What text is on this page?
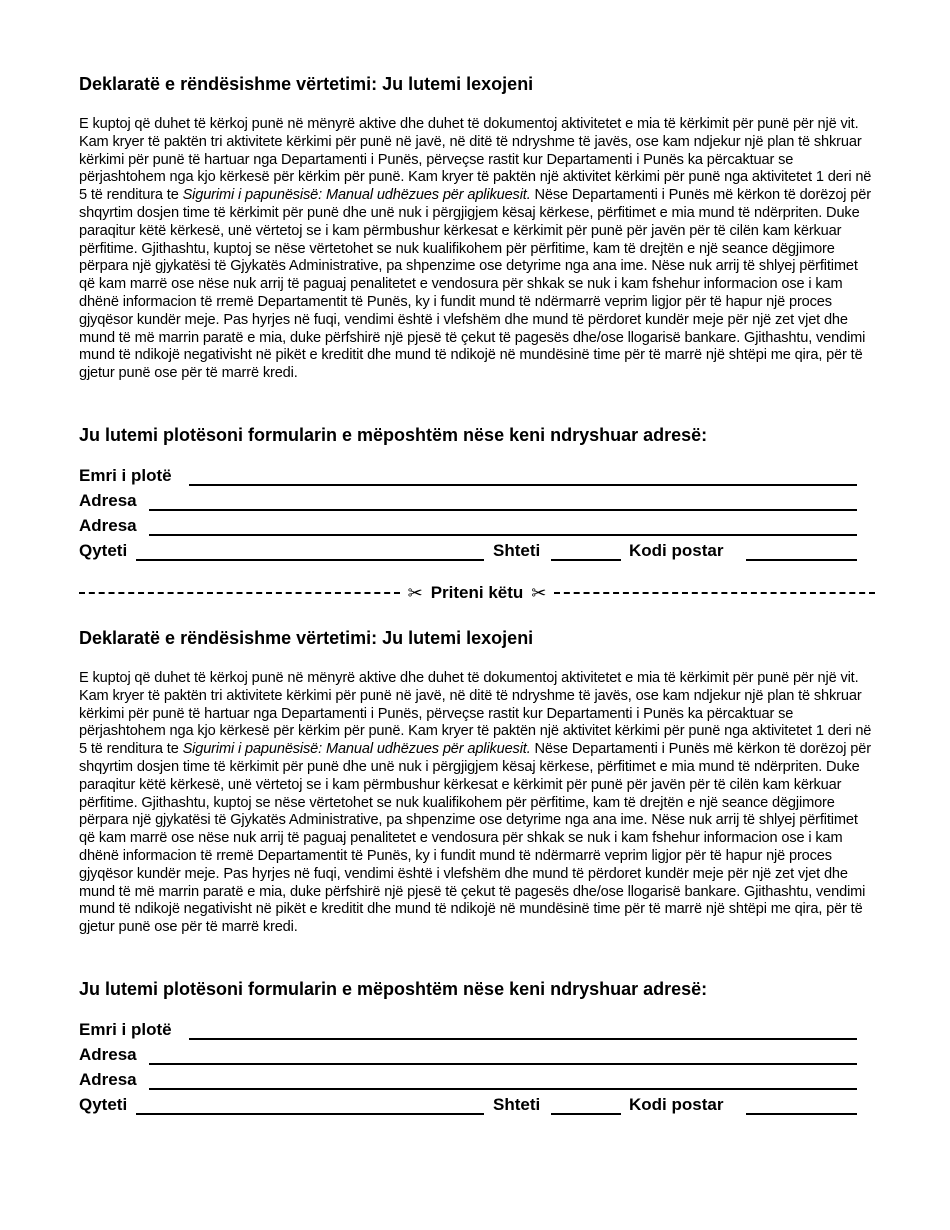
Deklaratë e rëndësishme vërtetimi: Ju lutemi lexojeni
E kuptoj që duhet të kërkoj punë në mënyrë aktive dhe duhet të dokumentoj aktivitetet e mia të kërkimit për punë për një vit. Kam kryer të paktën tri aktivitete kërkimi për punë në javë, në ditë të ndryshme të javës, ose kam ndjekur një plan të shkruar kërkimi për punë të hartuar nga Departamenti i Punës, përveçse rastit kur Departamenti i Punës ka përcaktuar se përjashtohem nga kjo kërkesë për kërkim për punë. Kam kryer të paktën një aktivitet kërkimi për punë nga aktivitetet 1 deri në 5 të renditura te Sigurimi i papunësisë: Manual udhëzues për aplikuesit. Nëse Departamenti i Punës më kërkon të dorëzoj për shqyrtim dosjen time të kërkimit për punë dhe unë nuk i përgjigjem kësaj kërkese, përfitimet e mia mund të ndërpriten. Duke paraqitur këtë kërkesë, unë vërtetoj se i kam përmbushur kërkesat e kërkimit për punë për javën për të cilën kam kërkuar përfitime. Gjithashtu, kuptoj se nëse vërtetohet se nuk kualifikohem për përfitime, kam të drejtën e një seance dëgjimore përpara një gjykatësi të Gjykatës Administrative, pa shpenzime ose detyrime nga ana ime. Nëse nuk arrij të shlyej përfitimet që kam marrë ose nëse nuk arrij të paguaj penalitetet e vendosura për shkak se nuk i kam fshehur informacion ose i kam dhënë informacion të rremë Departamentit të Punës, ky i fundit mund të ndërmarrë veprim ligjor për të hapur një proces gjyqësor kundër meje. Pas hyrjes në fuqi, vendimi është i vlefshëm dhe mund të përdoret kundër meje për një zet vjet dhe mund të më marrin paratë e mia, duke përfshirë një pjesë të çekut të pagesës dhe/ose llogarisë bankare. Gjithashtu, vendimi mund të ndikojë negativisht në pikët e kreditit dhe mund të ndikojë në mundësinë time për të marrë një shtëpi me qira, për të gjetur punë ose për të marrë kredi.
Ju lutemi plotësoni formularin e mëposhtëm nëse keni ndryshuar adresë:
Emri i plotë
Adresa
Adresa
Qyteti	Shteti	Kodi postar
✂ Priteni këtu ✂
Deklaratë e rëndësishme vërtetimi: Ju lutemi lexojeni
E kuptoj që duhet të kërkoj punë në mënyrë aktive dhe duhet të dokumentoj aktivitetet e mia të kërkimit për punë për një vit. Kam kryer të paktën tri aktivitete kërkimi për punë në javë, në ditë të ndryshme të javës, ose kam ndjekur një plan të shkruar kërkimi për punë të hartuar nga Departamenti i Punës, përveçse rastit kur Departamenti i Punës ka përcaktuar se përjashtohem nga kjo kërkesë për kërkim për punë. Kam kryer të paktën një aktivitet kërkimi për punë nga aktivitetet 1 deri në 5 të renditura te Sigurimi i papunësisë: Manual udhëzues për aplikuesit. Nëse Departamenti i Punës më kërkon të dorëzoj për shqyrtim dosjen time të kërkimit për punë dhe unë nuk i përgjigjem kësaj kërkese, përfitimet e mia mund të ndërpriten. Duke paraqitur këtë kërkesë, unë vërtetoj se i kam përmbushur kërkesat e kërkimit për punë për javën për të cilën kam kërkuar përfitime. Gjithashtu, kuptoj se nëse vërtetohet se nuk kualifikohem për përfitime, kam të drejtën e një seance dëgjimore përpara një gjykatësi të Gjykatës Administrative, pa shpenzime ose detyrime nga ana ime. Nëse nuk arrij të shlyej përfitimet që kam marrë ose nëse nuk arrij të paguaj penalitetet e vendosura për shkak se nuk i kam fshehur informacion ose i kam dhënë informacion të rremë Departamentit të Punës, ky i fundit mund të ndërmarrë veprim ligjor për të hapur një proces gjyqësor kundër meje. Pas hyrjes në fuqi, vendimi është i vlefshëm dhe mund të përdoret kundër meje për një zet vjet dhe mund të më marrin paratë e mia, duke përfshirë një pjesë të çekut të pagesës dhe/ose llogarisë bankare. Gjithashtu, vendimi mund të ndikojë negativisht në pikët e kreditit dhe mund të ndikojë në mundësinë time për të marrë një shtëpi me qira, për të gjetur punë ose për të marrë kredi.
Ju lutemi plotësoni formularin e mëposhtëm nëse keni ndryshuar adresë:
Emri i plotë
Adresa
Adresa
Qyteti	Shteti	Kodi postar
